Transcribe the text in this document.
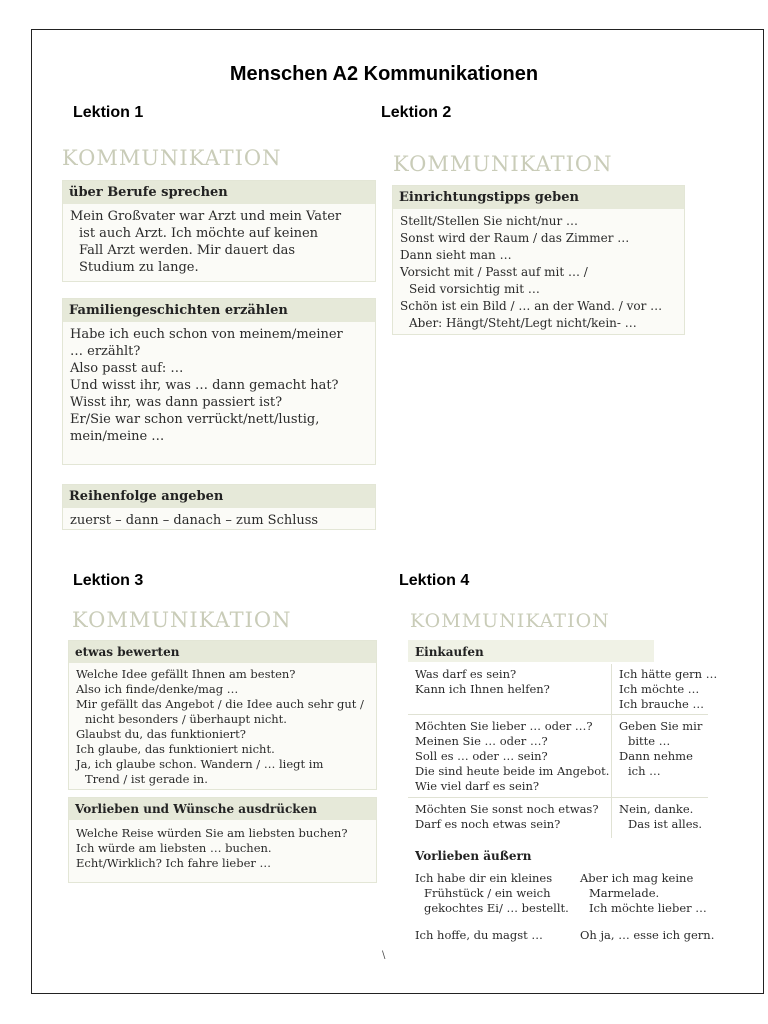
Menschen A2 Kommunikationen
Lektion 1
KOMMUNIKATION
über Berufe sprechen
Mein Großvater war Arzt und mein Vater
ist auch Arzt. Ich möchte auf keinen
Fall Arzt werden. Mir dauert das
Studium zu lange.
Familiengeschichten erzählen
Habe ich euch schon von meinem/meiner
… erzählt?
Also passt auf: …
Und wisst ihr, was … dann gemacht hat?
Wisst ihr, was dann passiert ist?
Er/Sie war schon verrückt/nett/lustig,
mein/meine …
Reihenfolge angeben
zuerst – dann – danach – zum Schluss
Lektion 2
KOMMUNIKATION
Einrichtungstipps geben
Stellt/Stellen Sie nicht/nur …
Sonst wird der Raum / das Zimmer …
Dann sieht man …
Vorsicht mit / Passt auf mit … /
Seid vorsichtig mit …
Schön ist ein Bild / … an der Wand. / vor …
Aber: Hängt/Steht/Legt nicht/kein- …
Lektion 3
KOMMUNIKATION
etwas bewerten
Welche Idee gefällt Ihnen am besten?
Also ich finde/denke/mag …
Mir gefällt das Angebot / die Idee auch sehr gut /
nicht besonders / überhaupt nicht.
Glaubst du, das funktioniert?
Ich glaube, das funktioniert nicht.
Ja, ich glaube schon. Wandern / … liegt im
Trend / ist gerade in.
Vorlieben und Wünsche ausdrücken
Welche Reise würden Sie am liebsten buchen?
Ich würde am liebsten … buchen.
Echt/Wirklich? Ich fahre lieber …
Lektion 4
KOMMUNIKATION
Einkaufen
Was darf es sein?
Kann ich Ihnen helfen?
Ich hätte gern …
Ich möchte …
Ich brauche …
Möchten Sie lieber … oder …?
Meinen Sie … oder …?
Soll es … oder … sein?
Die sind heute beide im Angebot.
Wie viel darf es sein?
Geben Sie mir
bitte …
Dann nehme
ich …
Möchten Sie sonst noch etwas?
Darf es noch etwas sein?
Nein, danke.
Das ist alles.
Vorlieben äußern
Ich habe dir ein kleines
Frühstück / ein weich
gekochtes Ei/ … bestellt.
Aber ich mag keine
Marmelade.
Ich möchte lieber …
Ich hoffe, du magst …	Oh ja, … esse ich gern.
\
